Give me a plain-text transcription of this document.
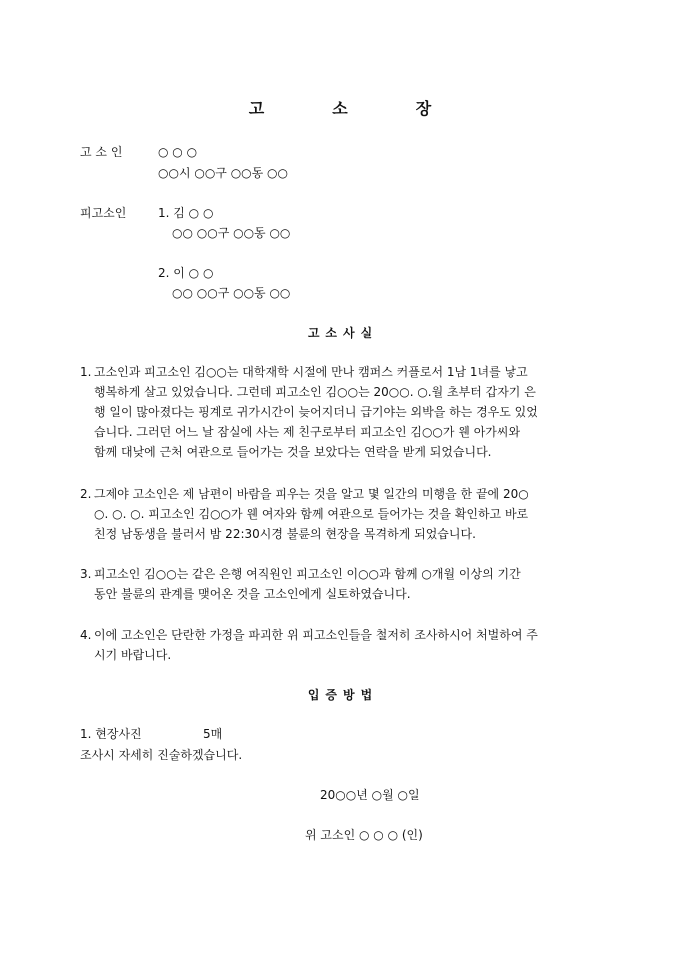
고	소	장
고 소 인	○ ○ ○
○○시 ○○구 ○○동 ○○
피고소인	1. 김 ○ ○
○○ ○○구 ○○동 ○○
2. 이 ○ ○
○○ ○○구 ○○동 ○○
고 소 사 실
1. 고소인과 피고소인 김○○는 대학재학 시절에 만나 캠퍼스 커플로서 1남 1녀를 낳고
행복하게 살고 있었습니다. 그런데 피고소인 김○○는 20○○. ○.월 초부터 갑자기 은
행 일이 많아졌다는 핑계로 귀가시간이 늦어지더니 급기야는 외박을 하는 경우도 있었
습니다. 그러던 어느 날 잠실에 사는 제 친구로부터 피고소인 김○○가 웬 아가씨와
함께 대낮에 근처 여관으로 들어가는 것을 보았다는 연락을 받게 되었습니다.
2. 그제야 고소인은 제 남편이 바람을 피우는 것을 알고 몇 일간의 미행을 한 끝에 20○
○. ○. ○. 피고소인 김○○가 웬 여자와 함께 여관으로 들어가는 것을 확인하고 바로
친정 남동생을 불러서 밤 22:30시경 불륜의 현장을 목격하게 되었습니다.
3. 피고소인 김○○는 같은 은행 여직원인 피고소인 이○○과 함께 ○개월 이상의 기간
동안 불륜의 관계를 맺어온 것을 고소인에게 실토하였습니다.
4. 이에 고소인은 단란한 가정을 파괴한 위 피고소인들을 철저히 조사하시어 처벌하여 주
시기 바랍니다.
입 증 방 법
1. 현장사진	5매
조사시 자세히 진술하겠습니다.
20○○년 ○월 ○일
위 고소인 ○ ○ ○ (인)
